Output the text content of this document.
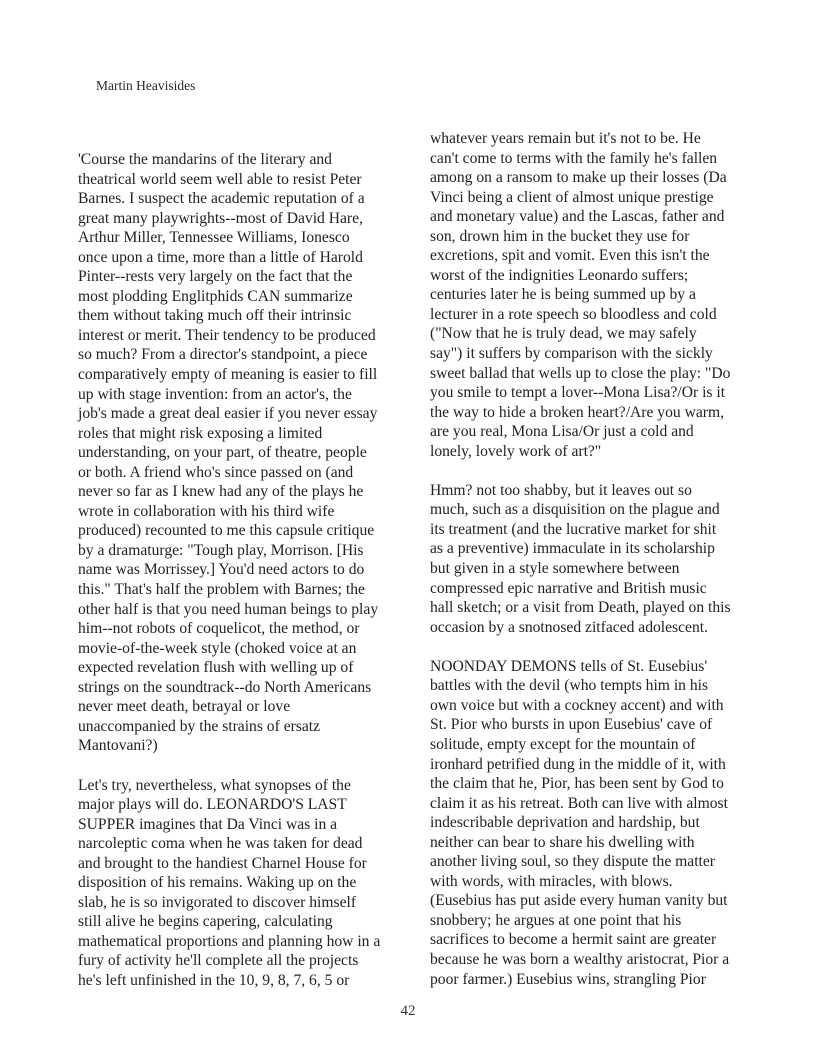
Martin Heavisides
'Course the mandarins of the literary and
theatrical world seem well able to resist Peter
Barnes. I suspect the academic reputation of a
great many playwrights--most of David Hare,
Arthur Miller, Tennessee Williams, Ionesco
once upon a time, more than a little of Harold
Pinter--rests very largely on the fact that the
most plodding Englitphids CAN summarize
them without taking much off their intrinsic
interest or merit. Their tendency to be produced
so much? From a director's standpoint, a piece
comparatively empty of meaning is easier to fill
up with stage invention: from an actor's, the
job's made a great deal easier if you never essay
roles that might risk exposing a limited
understanding, on your part, of theatre, people
or both. A friend who's since passed on (and
never so far as I knew had any of the plays he
wrote in collaboration with his third wife
produced) recounted to me this capsule critique
by a dramaturge: "Tough play, Morrison. [His
name was Morrissey.] You'd need actors to do
this." That's half the problem with Barnes; the
other half is that you need human beings to play
him--not robots of coquelicot, the method, or
movie-of-the-week style (choked voice at an
expected revelation flush with welling up of
strings on the soundtrack--do North Americans
never meet death, betrayal or love
unaccompanied by the strains of ersatz
Mantovani?)
Let's try, nevertheless, what synopses of the
major plays will do. LEONARDO'S LAST
SUPPER imagines that Da Vinci was in a
narcoleptic coma when he was taken for dead
and brought to the handiest Charnel House for
disposition of his remains. Waking up on the
slab, he is so invigorated to discover himself
still alive he begins capering, calculating
mathematical proportions and planning how in a
fury of activity he'll complete all the projects
he's left unfinished in the 10, 9, 8, 7, 6, 5 or
whatever years remain but it's not to be. He
can't come to terms with the family he's fallen
among on a ransom to make up their losses (Da
Vinci being a client of almost unique prestige
and monetary value) and the Lascas, father and
son, drown him in the bucket they use for
excretions, spit and vomit. Even this isn't the
worst of the indignities Leonardo suffers;
centuries later he is being summed up by a
lecturer in a rote speech so bloodless and cold
("Now that he is truly dead, we may safely
say") it suffers by comparison with the sickly
sweet ballad that wells up to close the play: "Do
you smile to tempt a lover--Mona Lisa?/Or is it
the way to hide a broken heart?/Are you warm,
are you real, Mona Lisa/Or just a cold and
lonely, lovely work of art?"
Hmm? not too shabby, but it leaves out so
much, such as a disquisition on the plague and
its treatment (and the lucrative market for shit
as a preventive) immaculate in its scholarship
but given in a style somewhere between
compressed epic narrative and British music
hall sketch; or a visit from Death, played on this
occasion by a snotnosed zitfaced adolescent.
NOONDAY DEMONS tells of St. Eusebius'
battles with the devil (who tempts him in his
own voice but with a cockney accent) and with
St. Pior who bursts in upon Eusebius' cave of
solitude, empty except for the mountain of
ironhard petrified dung in the middle of it, with
the claim that he, Pior, has been sent by God to
claim it as his retreat. Both can live with almost
indescribable deprivation and hardship, but
neither can bear to share his dwelling with
another living soul, so they dispute the matter
with words, with miracles, with blows.
(Eusebius has put aside every human vanity but
snobbery; he argues at one point that his
sacrifices to become a hermit saint are greater
because he was born a wealthy aristocrat, Pior a
poor farmer.) Eusebius wins, strangling Pior
42
